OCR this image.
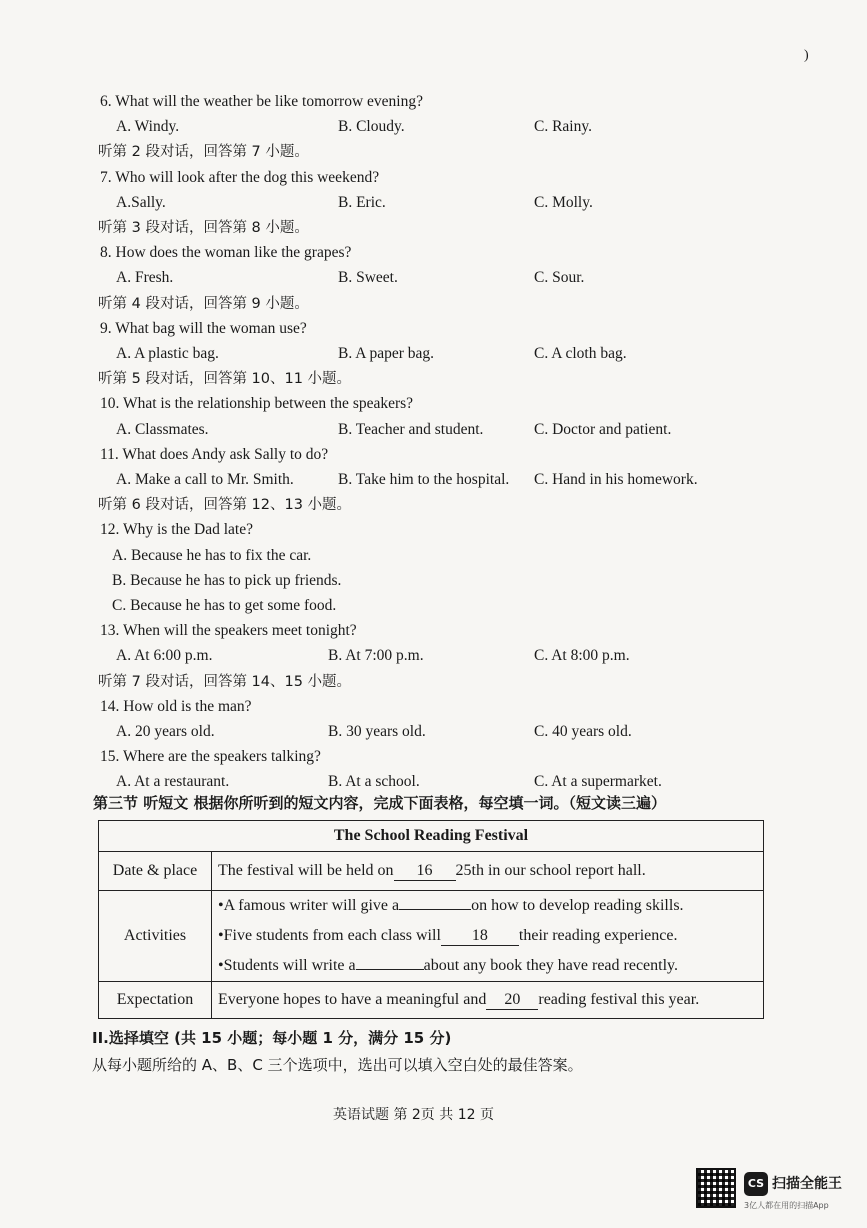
)
6. What will the weather be like tomorrow evening?
A. Windy.	B. Cloudy.	C. Rainy.
听第 2 段对话，回答第 7 小题。
7. Who will look after the dog this weekend?
A.Sally.	B. Eric.	C. Molly.
听第 3 段对话，回答第 8 小题。
8. How does the woman like the grapes?
A. Fresh.	B. Sweet.	C. Sour.
听第 4 段对话，回答第 9 小题。
9. What bag will the woman use?
A. A plastic bag.	B. A paper bag.	C. A cloth bag.
听第 5 段对话，回答第 10、11 小题。
10. What is the relationship between the speakers?
A. Classmates.	B. Teacher and student.	C. Doctor and patient.
11. What does Andy ask Sally to do?
A. Make a call to Mr. Smith.	B. Take him to the hospital. C. Hand in his homework.
听第 6 段对话，回答第 12、13 小题。
12. Why is the Dad late?
A. Because he has to fix the car.
B. Because he has to pick up friends.
C. Because he has to get some food.
13. When will the speakers meet tonight?
A. At 6:00 p.m.	B. At 7:00 p.m.	C. At 8:00 p.m.
听第 7 段对话，回答第 14、15 小题。
14. How old is the man?
A. 20 years old.	B. 30 years old.	C. 40 years old.
15. Where are the speakers talking?
A. At a restaurant.	B. At a school.	C. At a supermarket.
第三节 听短文 根据你所听到的短文内容，完成下面表格，每空填一词。（短文读三遍）
The School Reading Festival	
Date & place	The festival will be held on 16 25th in our school report hall.
Activities	•A famous writer will give a on how to develop reading skills.
•Five students from each class will 18 their reading experience.
•Students will write a about any book they have read recently.

Expectation	Everyone hopes to have a meaningful and 20 reading festival this year.
II.选择填空 (共 15 小题；每小题 1 分，满分 15 分)
从每小题所给的 A、B、C 三个选项中，选出可以填入空白处的最佳答案。
英语试题 第 2页 共 12 页
CS 扫描全能王
3亿人都在用的扫描App
